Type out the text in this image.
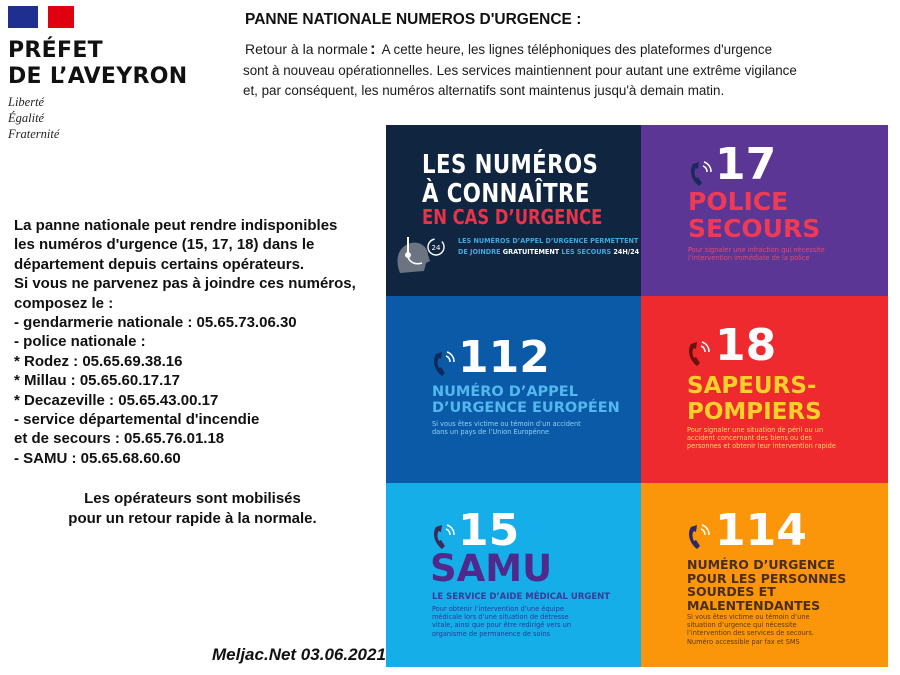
PRÉFET
DE L’AVEYRON
Liberté
Égalité
Fraternité
PANNE NATIONALE NUMEROS D'URGENCE :
Retour à la normale : A cette heure, les lignes téléphoniques des plateformes d'urgence
sont à nouveau opérationnelles. Les services maintiennent pour autant une extrême vigilance
et, par conséquent, les numéros alternatifs sont maintenus jusqu'à demain matin.
La panne nationale peut rendre indisponibles
les numéros d'urgence (15, 17, 18) dans le
département depuis certains opérateurs.
Si vous ne parvenez pas à joindre ces numéros,
composez le :
- gendarmerie nationale : 05.65.73.06.30
- police nationale :
* Rodez : 05.65.69.38.16
* Millau : 05.65.60.17.17
* Decazeville : 05.65.43.00.17
- service départemental d'incendie
et de secours : 05.65.76.01.18
- SAMU : 05.65.68.60.60
Les opérateurs sont mobilisés
pour un retour rapide à la normale.
Meljac.Net 03.06.2021
LES NUMÉROS
À CONNAÎTRE
EN CAS D’URGENCE
24
LES NUMÉROS D’APPEL D’URGENCE PERMETTENT
DE JOINDRE GRATUITEMENT LES SECOURS 24H/24
17
POLICE
SECOURS
Pour signaler une infraction qui nécessite
l’intervention immédiate de la police
112
NUMÉRO D’APPEL
D’URGENCE EUROPÉEN
Si vous êtes victime ou témoin d’un accident
dans un pays de l’Union Europénne
18
SAPEURS-
POMPIERS
Pour signaler une situation de péril ou un
accident concernant des biens ou des
personnes et obtenir leur intervention rapide
15
SAMU
LE SERVICE D’AIDE MÉDICAL URGENT
Pour obtenir l’intervention d’une équipe
médicale lors d’une situation de détresse
vitale, ainsi que pour être redirigé vers un
organisme de permanence de soins
114
NUMÉRO D’URGENCE
POUR LES PERSONNES
SOURDES ET
MALENTENDANTES
Si vous êtes victime ou témoin d’une
situation d’urgence qui nécessite
l’intervention des services de secours.
Numéro accessible par fax et SMS
